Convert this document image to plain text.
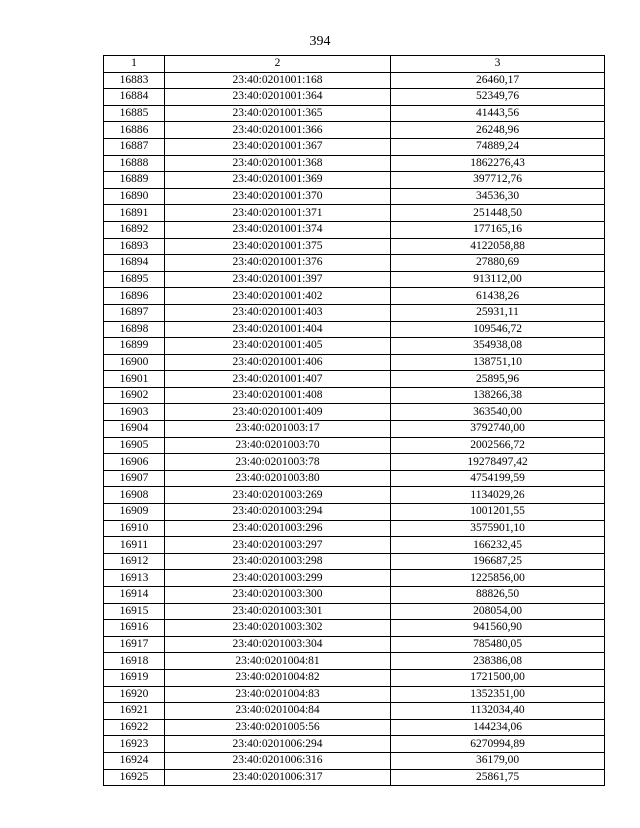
394
1	2	3
16883	23:40:0201001:168	26460,17
16884	23:40:0201001:364	52349,76
16885	23:40:0201001:365	41443,56
16886	23:40:0201001:366	26248,96
16887	23:40:0201001:367	74889,24
16888	23:40:0201001:368	1862276,43
16889	23:40:0201001:369	397712,76
16890	23:40:0201001:370	34536,30
16891	23:40:0201001:371	251448,50
16892	23:40:0201001:374	177165,16
16893	23:40:0201001:375	4122058,88
16894	23:40:0201001:376	27880,69
16895	23:40:0201001:397	913112,00
16896	23:40:0201001:402	61438,26
16897	23:40:0201001:403	25931,11
16898	23:40:0201001:404	109546,72
16899	23:40:0201001:405	354938,08
16900	23:40:0201001:406	138751,10
16901	23:40:0201001:407	25895,96
16902	23:40:0201001:408	138266,38
16903	23:40:0201001:409	363540,00
16904	23:40:0201003:17	3792740,00
16905	23:40:0201003:70	2002566,72
16906	23:40:0201003:78	19278497,42
16907	23:40:0201003:80	4754199,59
16908	23:40:0201003:269	1134029,26
16909	23:40:0201003:294	1001201,55
16910	23:40:0201003:296	3575901,10
16911	23:40:0201003:297	166232,45
16912	23:40:0201003:298	196687,25
16913	23:40:0201003:299	1225856,00
16914	23:40:0201003:300	88826,50
16915	23:40:0201003:301	208054,00
16916	23:40:0201003:302	941560,90
16917	23:40:0201003:304	785480,05
16918	23:40:0201004:81	238386,08
16919	23:40:0201004:82	1721500,00
16920	23:40:0201004:83	1352351,00
16921	23:40:0201004:84	1132034,40
16922	23:40:0201005:56	144234,06
16923	23:40:0201006:294	6270994,89
16924	23:40:0201006:316	36179,00
16925	23:40:0201006:317	25861,75
